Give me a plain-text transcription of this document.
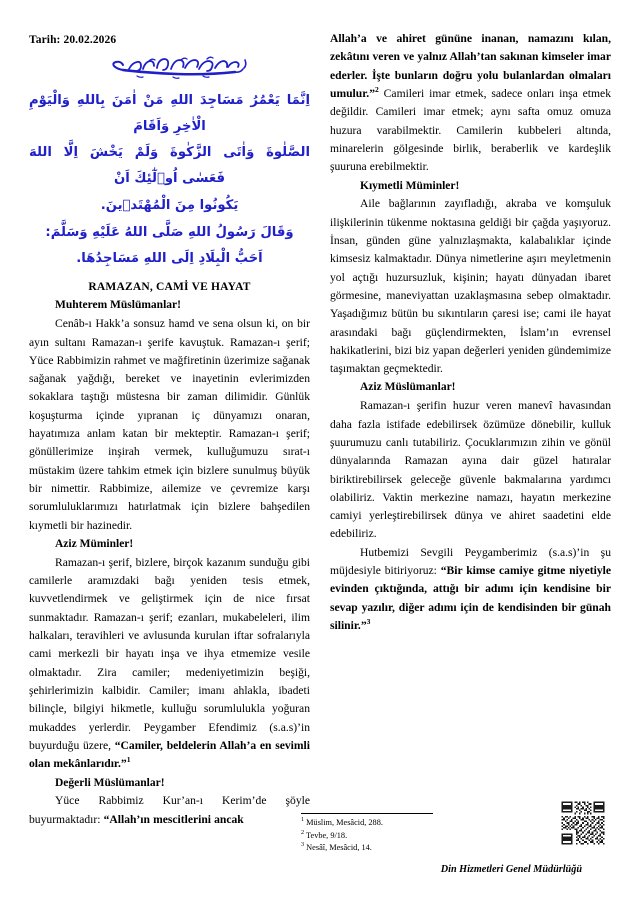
Tarih: 20.02.2026
اِنَّمَا يَعْمُرُ مَسَاجِدَ اللهِ مَنْ اٰمَنَ بِاللهِ وَالْيَوْمِ الْاٰخِرِ وَاَقَامَ
الصَّلٰوةَ وَاٰتَى الزَّكٰوةَ وَلَمْ يَخْشَ اِلَّا اللهَ فَعَسٰى اُو۬لٰٓئِكَ اَنْ
يَكُونُوا مِنَ الْمُهْتَدٖينَ.
وَقَالَ رَسُولُ اللهِ صَلَّى اللهُ عَلَيْهِ وَسَلَّمَ:
اَحَبُّ الْبِلَادِ اِلَى اللهِ مَسَاجِدُهَا.
RAMAZAN, CAMİ VE HAYAT
Muhterem Müslümanlar!

Cenâb-ı Hakk’a sonsuz hamd ve sena olsun ki, on bir ayın sultanı Ramazan-ı şerife kavuştuk. Ramazan-ı şerif; Yüce Rabbimizin rahmet ve mağfiretinin üzerimize sağanak sağanak yağdığı, bereket ve inayetinin evlerimizden sokaklara taştığı müstesna bir zaman dilimidir. Günlük koşuşturma içinde yıpranan iç dünyamızı onaran, hayatımıza anlam katan bir mekteptir. Ramazan-ı şerif; gönüllerimize inşirah vermek, kulluğumuzu sırat-ı müstakim üzere tahkim etmek için bizlere sunulmuş büyük bir nimettir. Rabbimize, ailemize ve çevremize karşı sorumluluklarımızı hatırlatmak için bizlere bahşedilen kıymetli bir hazinedir.

Aziz Müminler!

Ramazan-ı şerif, bizlere, birçok kazanım sunduğu gibi camilerle aramızdaki bağı yeniden tesis etmek, kuvvetlendirmek ve geliştirmek için de nice fırsat sunmaktadır. Ramazan-ı şerif; ezanları, mukabeleleri, ilim halkaları, teravihleri ve avlusunda kurulan iftar sofralarıyla cami merkezli bir hayatı inşa ve ihya etmemize vesile olmaktadır. Zira camiler; medeniyetimizin beşiği, şehirlerimizin kalbidir. Camiler; imanı ahlakla, ibadeti bilinçle, bilgiyi hikmetle, kulluğu sorumlulukla yoğuran mukaddes yerlerdir. Peygamber Efendimiz (s.a.s)’in buyurduğu üzere, “Camiler, beldelerin Allah’a en sevimli olan mekânlarıdır.”$^1$

Değerli Müslümanlar!

Yüce Rabbimiz Kur’an-ı Kerim’de şöyle buyurmaktadır: “Allah’ın mescitlerini ancak

Allah’a ve ahiret gününe inanan, namazını kılan, zekâtını veren ve yalnız Allah’tan sakınan kimseler imar ederler. İşte bunların doğru yolu bulanlardan olmaları umulur.”$^2$ Camileri imar etmek, sadece onları inşa etmek değildir. Camileri imar etmek; aynı safta omuz omuza huzura varabilmektir. Camilerin kubbeleri altında, minarelerin gölgesinde birlik, beraberlik ve kardeşlik şuuruna erebilmektir.

Kıymetli Müminler!

Aile bağlarının zayıfladığı, akraba ve komşuluk ilişkilerinin tükenme noktasına geldiği bir çağda yaşıyoruz. İnsan, günden güne yalnızlaşmakta, kalabalıklar içinde kimsesiz kalmaktadır. Dünya nimetlerine aşırı meyletmenin yol açtığı huzursuzluk, kişinin; hayatı dünyadan ibaret görmesine, maneviyattan uzaklaşmasına sebep olmaktadır. Yaşadığımız bütün bu sıkıntıların çaresi ise; cami ile hayat arasındaki bağı güçlendirmekten, İslam’ın evrensel hakikatlerini, bizi biz yapan değerleri yeniden gündemimize taşımaktan geçmektedir.

Aziz Müslümanlar!

Ramazan-ı şerifin huzur veren manevî havasından daha fazla istifade edebilirsek özümüze dönebilir, kulluk şuurumuzu canlı tutabiliriz. Çocuklarımızın zihin ve gönül dünyalarında Ramazan ayına dair güzel hatıralar biriktirebilirsek geleceğe güvenle bakmalarına yardımcı olabiliriz. Vaktin merkezine namazı, hayatın merkezine camiyi yerleştirebilirsek dünya ve ahiret saadetini elde edebiliriz.

Hutbemizi Sevgili Peygamberimiz (s.a.s)’in şu müjdesiyle bitiriyoruz: “Bir kimse camiye gitme niyetiyle evinden çıktığında, attığı bir adımı için kendisine bir sevap yazılır, diğer adımı için de kendisinden bir günah silinir.”$^3$

$^1$ Müslim, Mesâcid, 288.

$^2$ Tevbe, 9/18.

$^3$ Nesâî, Mesâcid, 14.

Din Hizmetleri Genel Müdürlüğü
